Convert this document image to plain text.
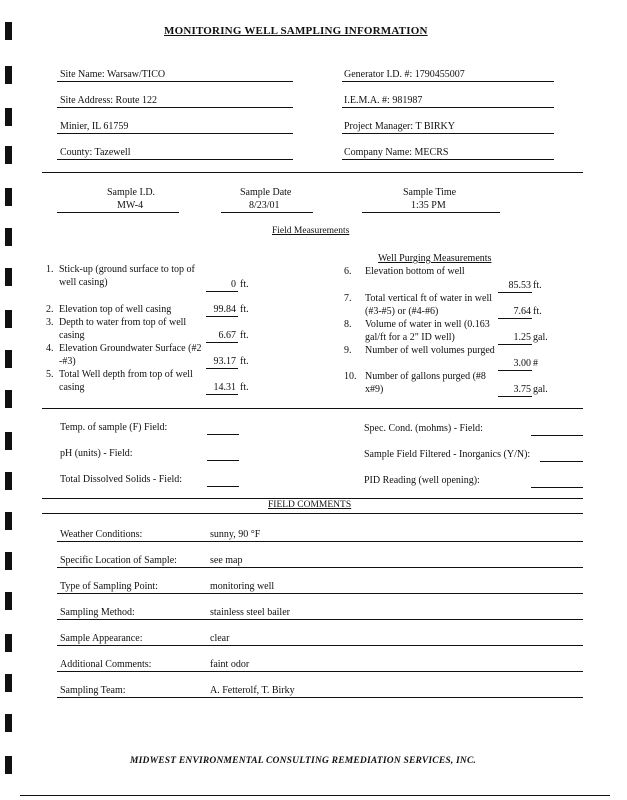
MONITORING WELL SAMPLING INFORMATION
Site Name: Warsaw/TICO	Generator I.D. #: 1790455007
Site Address: Route 122	I.E.M.A. #: 981987
Minier, IL 61759	Project Manager: T BIRKY
County: Tazewell	Company Name: MECRS
Sample I.D.
MW-4
Sample Date
8/23/01
Sample Time
1:35 PM
Field Measurements
1. Stick-up (ground surface to top of
well casing)	0 ft.
2. Elevation top of well casing	99.84 ft.
3. Depth to water from top of well
casing	6.67 ft.
4. Elevation Groundwater Surface (#2
-#3)	93.17 ft.
5. Total Well depth from top of well
casing	14.31 ft.
Well Purging Measurements
6. Elevation bottom of well
85.53 ft.
7. Total vertical ft of water in well
(#3-#5) or (#4-#6)	7.64 ft.
8. Volume of water in well (0.163
gal/ft for a 2" ID well)	1.25 gal.
9. Number of well volumes purged
3.00 #
10. Number of gallons purged (#8
x#9)	3.75 gal.
Temp. of sample (F) Field:
pH (units) - Field:
Total Dissolved Solids - Field:
Spec. Cond. (mohms) - Field:
Sample Field Filtered - Inorganics (Y/N):
PID Reading (well opening):
FIELD COMMENTS
Weather Conditions:	sunny, 90 °F
Specific Location of Sample:	see map
Type of Sampling Point:	monitoring well
Sampling Method:	stainless steel bailer
Sample Appearance:	clear
Additional Comments:	faint odor
Sampling Team:	A. Fetterolf, T. Birky
MIDWEST ENVIRONMENTAL CONSULTING REMEDIATION SERVICES, INC.
